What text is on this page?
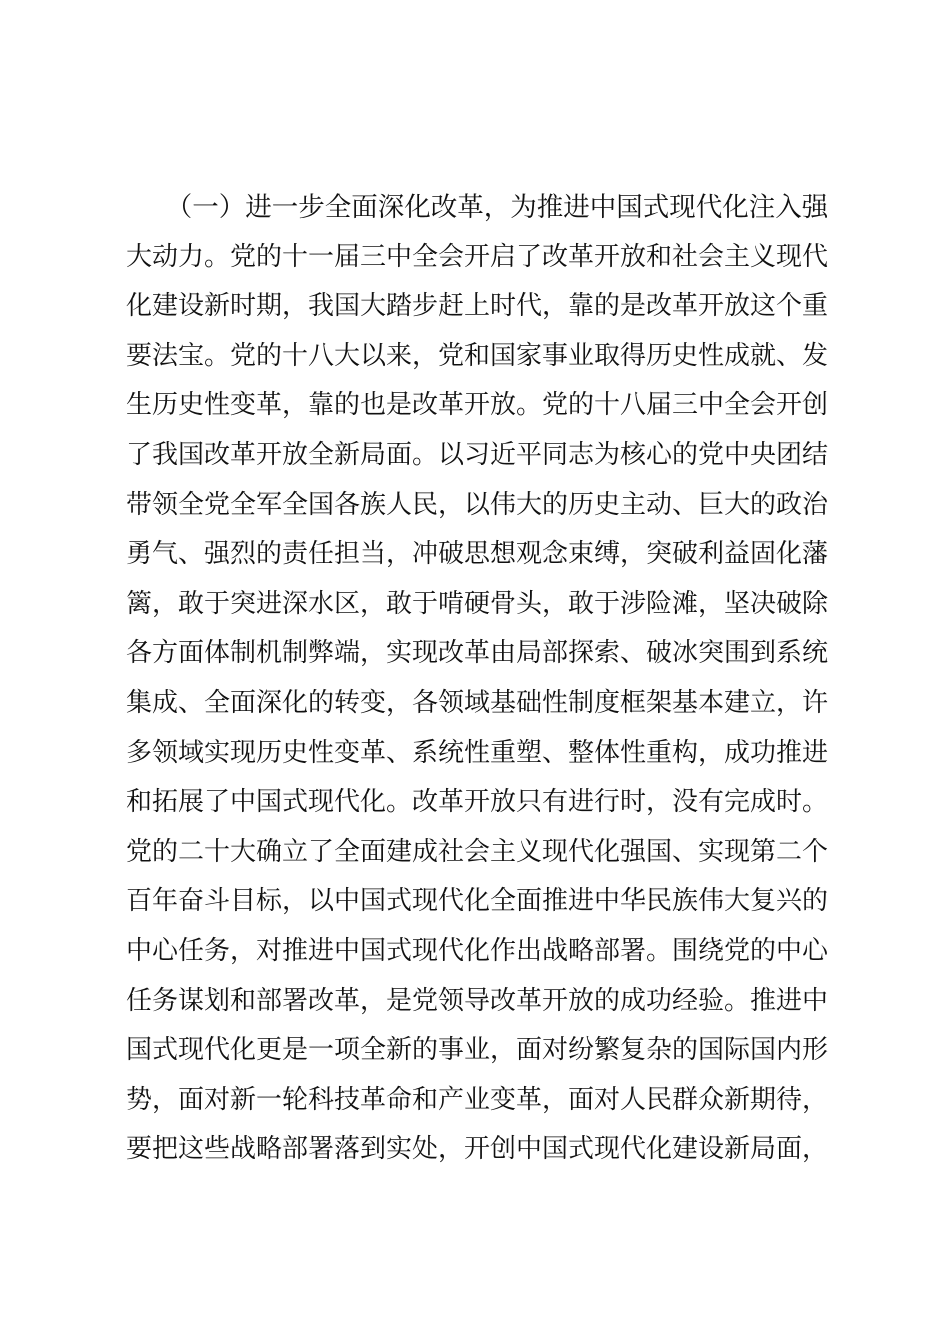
　　（一）进一步全面深化改革，为推进中国式现代化注入强
大动力。党的十一届三中全会开启了改革开放和社会主义现代
化建设新时期，我国大踏步赶上时代，靠的是改革开放这个重
要法宝。党的十八大以来，党和国家事业取得历史性成就、发
生历史性变革，靠的也是改革开放。党的十八届三中全会开创
了我国改革开放全新局面。以习近平同志为核心的党中央团结
带领全党全军全国各族人民，以伟大的历史主动、巨大的政治
勇气、强烈的责任担当，冲破思想观念束缚，突破利益固化藩
篱，敢于突进深水区，敢于啃硬骨头，敢于涉险滩，坚决破除
各方面体制机制弊端，实现改革由局部探索、破冰突围到系统
集成、全面深化的转变，各领域基础性制度框架基本建立，许
多领域实现历史性变革、系统性重塑、整体性重构，成功推进
和拓展了中国式现代化。改革开放只有进行时，没有完成时。
党的二十大确立了全面建成社会主义现代化强国、实现第二个
百年奋斗目标，以中国式现代化全面推进中华民族伟大复兴的
中心任务，对推进中国式现代化作出战略部署。围绕党的中心
任务谋划和部署改革，是党领导改革开放的成功经验。推进中
国式现代化更是一项全新的事业，面对纷繁复杂的国际国内形
势，面对新一轮科技革命和产业变革，面对人民群众新期待，
要把这些战略部署落到实处，开创中国式现代化建设新局面，
